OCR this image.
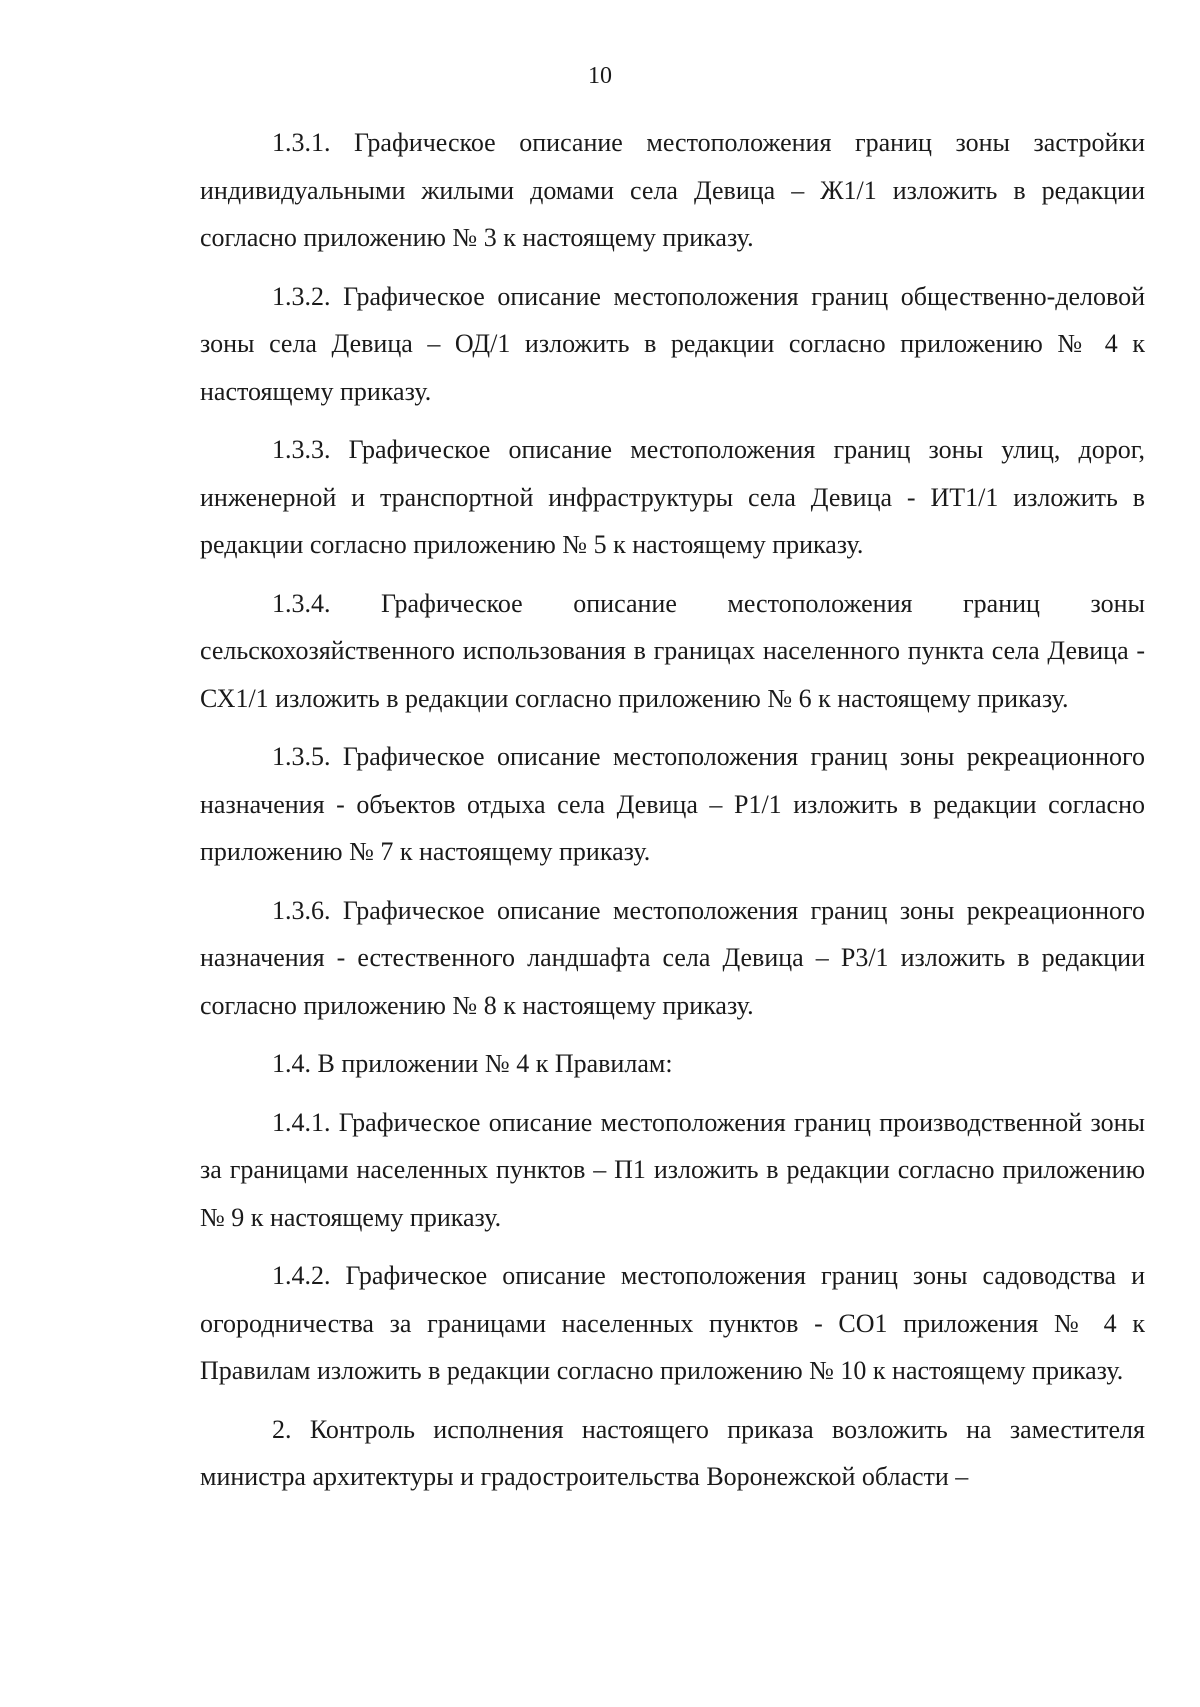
10

1.3.1. Графическое описание местоположения границ зоны застройки индивидуальными жилыми домами села Девица – Ж1/1 изложить в редакции согласно приложению № 3 к настоящему приказу.

1.3.2. Графическое описание местоположения границ общественно-деловой зоны села Девица – ОД/1 изложить в редакции согласно приложению № 4 к настоящему приказу.

1.3.3. Графическое описание местоположения границ зоны улиц, дорог, инженерной и транспортной инфраструктуры села Девица - ИТ1/1 изложить в редакции согласно приложению № 5 к настоящему приказу.

1.3.4. Графическое описание местоположения границ зоны сельскохозяйственного использования в границах населенного пункта села Девица - СХ1/1 изложить в редакции согласно приложению № 6 к настоящему приказу.

1.3.5. Графическое описание местоположения границ зоны рекреационного назначения - объектов отдыха села Девица – Р1/1 изложить в редакции согласно приложению № 7 к настоящему приказу.

1.3.6. Графическое описание местоположения границ зоны рекреационного назначения - естественного ландшафта села Девица – Р3/1 изложить в редакции согласно приложению № 8 к настоящему приказу.

1.4. В приложении № 4 к Правилам:

1.4.1. Графическое описание местоположения границ производственной зоны за границами населенных пунктов – П1 изложить в редакции согласно приложению № 9 к настоящему приказу.

1.4.2. Графическое описание местоположения границ зоны садоводства и огородничества за границами населенных пунктов - СО1 приложения № 4 к Правилам изложить в редакции согласно приложению № 10 к настоящему приказу.

2. Контроль исполнения настоящего приказа возложить на заместителя министра архитектуры и градостроительства Воронежской области –
